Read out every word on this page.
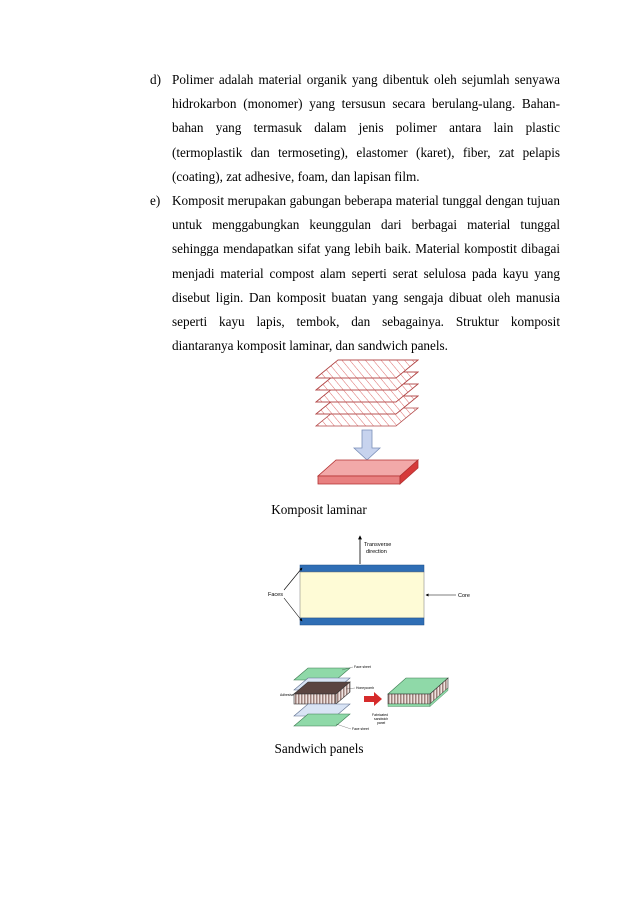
d) Polimer adalah material organik yang dibentuk oleh sejumlah senyawa hidrokarbon (monomer) yang tersusun secara berulang-ulang. Bahan-bahan yang termasuk dalam jenis polimer antara lain plastic (termoplastik dan termoseting), elastomer (karet), fiber, zat pelapis (coating), zat adhesive, foam, dan lapisan film.
e) Komposit merupakan gabungan beberapa material tunggal dengan tujuan untuk menggabungkan keunggulan dari berbagai material tunggal sehingga mendapatkan sifat yang lebih baik. Material kompostit dibagai menjadi material compost alam seperti serat selulosa pada kayu yang disebut ligin. Dan komposit buatan yang sengaja dibuat oleh manusia seperti kayu lapis, tembok, dan sebagainya. Struktur komposit diantaranya komposit laminar, dan sandwich panels.
Komposit laminar
Transverse
direction
Faces	Core
Face sheet
Honeycomb
Adhesive
Face sheet
Fabricated
sandwich
panel
Sandwich panels
